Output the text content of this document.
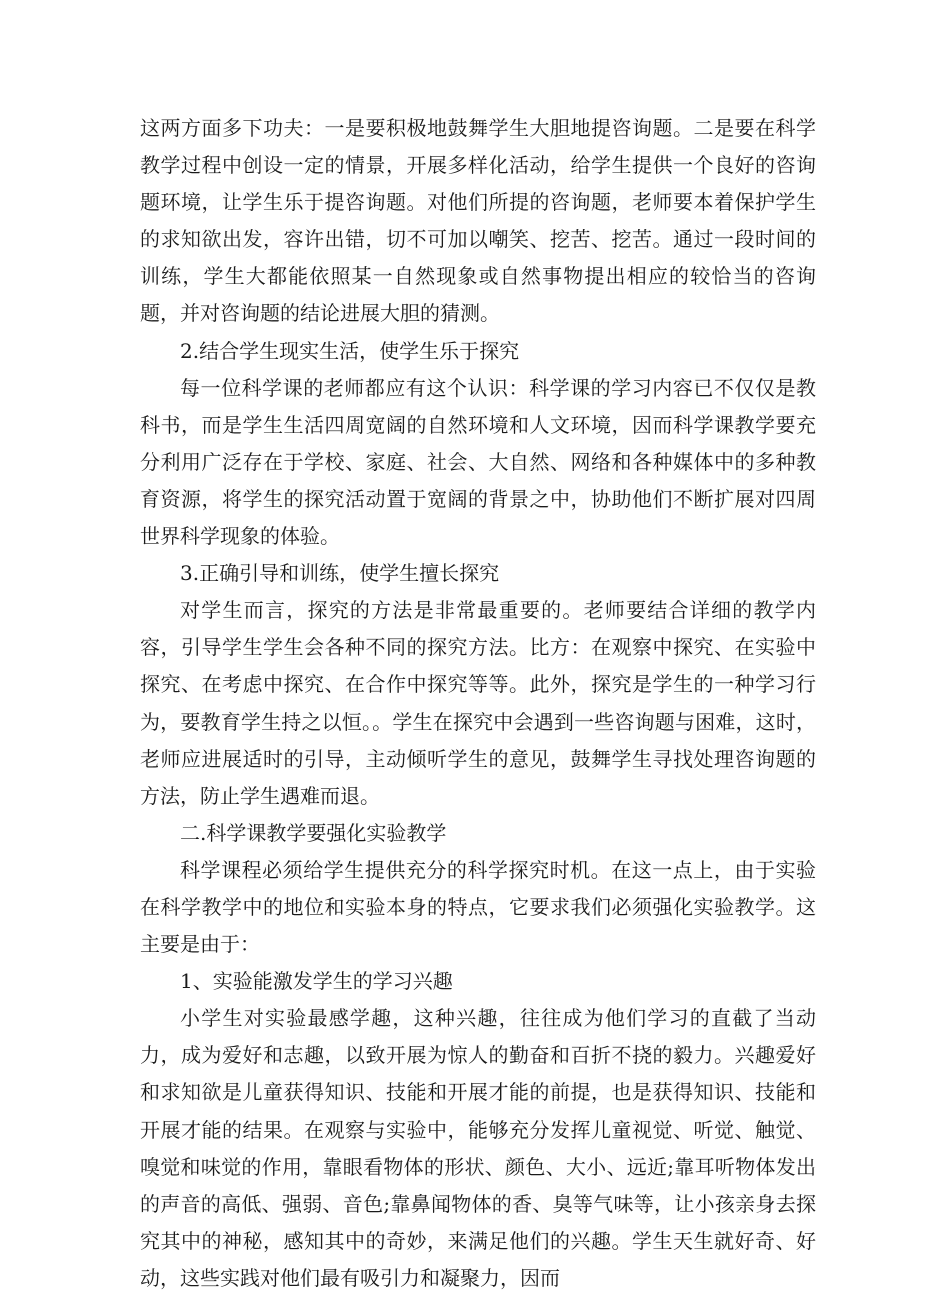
这两方面多下功夫：一是要积极地鼓舞学生大胆地提咨询题。二是要在科学教学过程中创设一定的情景，开展多样化活动，给学生提供一个良好的咨询题环境，让学生乐于提咨询题。对他们所提的咨询题，老师要本着保护学生的求知欲出发，容许出错，切不可加以嘲笑、挖苦、挖苦。通过一段时间的训练，学生大都能依照某一自然现象或自然事物提出相应的较恰当的咨询题，并对咨询题的结论进展大胆的猜测。

2.结合学生现实生活，使学生乐于探究

每一位科学课的老师都应有这个认识：科学课的学习内容已不仅仅是教科书，而是学生生活四周宽阔的自然环境和人文环境，因而科学课教学要充分利用广泛存在于学校、家庭、社会、大自然、网络和各种媒体中的多种教育资源，将学生的探究活动置于宽阔的背景之中，协助他们不断扩展对四周世界科学现象的体验。

3.正确引导和训练，使学生擅长探究

对学生而言，探究的方法是非常最重要的。老师要结合详细的教学内容，引导学生学生会各种不同的探究方法。比方：在观察中探究、在实验中探究、在考虑中探究、在合作中探究等等。此外，探究是学生的一种学习行为，要教育学生持之以恒。。学生在探究中会遇到一些咨询题与困难，这时，老师应进展适时的引导，主动倾听学生的意见，鼓舞学生寻找处理咨询题的方法，防止学生遇难而退。

二.科学课教学要强化实验教学

科学课程必须给学生提供充分的科学探究时机。在这一点上，由于实验在科学教学中的地位和实验本身的特点，它要求我们必须强化实验教学。这主要是由于：

1、实验能激发学生的学习兴趣

小学生对实验最感学趣，这种兴趣，往往成为他们学习的直截了当动力，成为爱好和志趣，以致开展为惊人的勤奋和百折不挠的毅力。兴趣爱好和求知欲是儿童获得知识、技能和开展才能的前提，也是获得知识、技能和开展才能的结果。在观察与实验中，能够充分发挥儿童视觉、听觉、触觉、嗅觉和味觉的作用，靠眼看物体的形状、颜色、大小、远近;靠耳听物体发出的声音的高低、强弱、音色;靠鼻闻物体的香、臭等气味等，让小孩亲身去探究其中的神秘，感知其中的奇妙，来满足他们的兴趣。学生天生就好奇、好动，这些实践对他们最有吸引力和凝聚力，因而
